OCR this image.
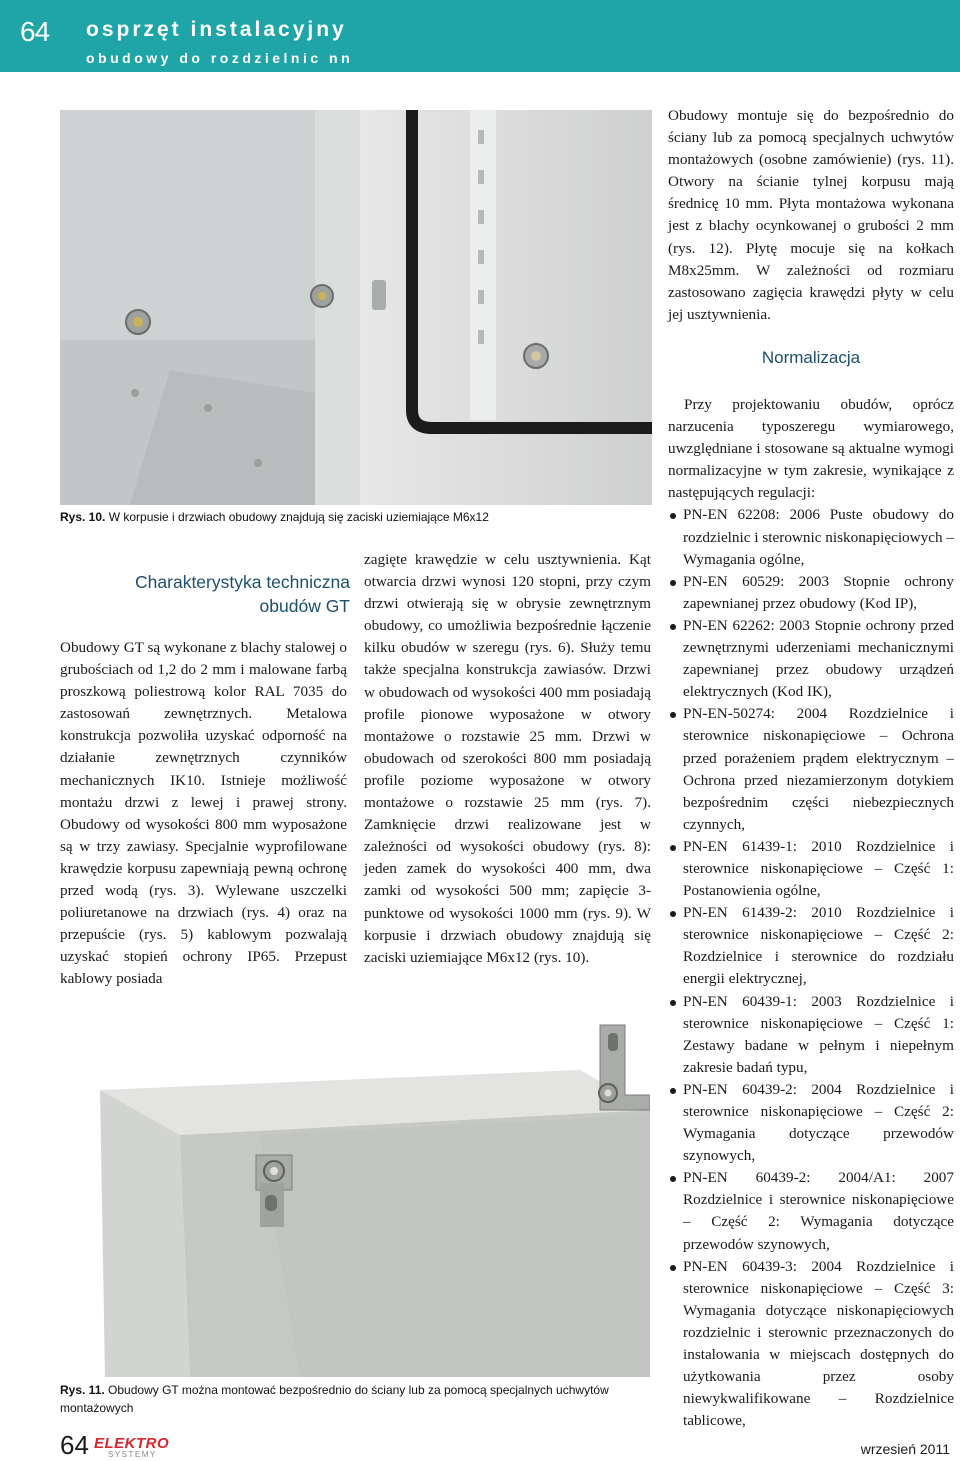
64 osprzęt instalacyjny
obudowy do rozdzielnic nn
Rys. 10. W korpusie i drzwiach obudowy znajdują się zaciski uziemiające M6x12
Charakterystyka techniczna
obudów GT
Obudowy GT są wykonane z blachy stalowej o grubościach od 1,2 do 2 mm i malowane farbą proszkową poliestrową kolor RAL 7035 do zastosowań zewnętrznych. Metalowa konstrukcja pozwoliła uzyskać odporność na działanie zewnętrznych czynników mechanicznych IK10. Istnieje możliwość montażu drzwi z lewej i prawej strony. Obudowy od wysokości 800 mm wyposażone są w trzy zawiasy. Specjalnie wyprofilowane krawędzie korpusu zapewniają pewną ochronę przed wodą (rys. 3). Wylewane uszczelki poliuretanowe na drzwiach (rys. 4) oraz na przepuście (rys. 5) kablowym pozwalają uzyskać stopień ochrony IP65. Przepust kablowy posiada
zagięte krawędzie w celu usztywnienia. Kąt otwarcia drzwi wynosi 120 stopni, przy czym drzwi otwierają się w obrysie zewnętrznym obudowy, co umożliwia bezpośrednie łączenie kilku obudów w szeregu (rys. 6). Służy temu także specjalna konstrukcja zawiasów. Drzwi w obudowach od wysokości 400 mm posiadają profile pionowe wyposażone w otwory montażowe o rozstawie 25 mm. Drzwi w obudowach od szerokości 800 mm posiadają profile poziome wyposażone w otwory montażowe o rozstawie 25 mm (rys. 7). Zamknięcie drzwi realizowane jest w zależności od wysokości obudowy (rys. 8): jeden zamek do wysokości 400 mm, dwa zamki od wysokości 500 mm; zapięcie 3-punktowe od wysokości 1000 mm (rys. 9). W korpusie i drzwiach obudowy znajdują się zaciski uziemiające M6x12 (rys. 10).
Obudowy montuje się do bezpośrednio do ściany lub za pomocą specjalnych uchwytów montażowych (osobne zamówienie) (rys. 11). Otwory na ścianie tylnej korpusu mają średnicę 10 mm. Płyta montażowa wykonana jest z blachy ocynkowanej o grubości 2 mm (rys. 12). Płytę mocuje się na kołkach M8x25mm. W zależności od rozmiaru zastosowano zagięcia krawędzi płyty w celu jej usztywnienia.
Normalizacja
Przy projektowaniu obudów, oprócz narzucenia typoszeregu wymiarowego, uwzględniane i stosowane są aktualne wymogi normalizacyjne w tym zakresie, wynikające z następujących regulacji:
PN-EN 62208: 2006 Puste obudowy do rozdzielnic i sterownic niskonapięciowych – Wymagania ogólne,
PN-EN 60529: 2003 Stopnie ochrony zapewnianej przez obudowy (Kod IP),
PN-EN 62262: 2003 Stopnie ochrony przed zewnętrznymi uderzeniami mechanicznymi zapewnianej przez obudowy urządzeń elektrycznych (Kod IK),
PN-EN-50274: 2004 Rozdzielnice i sterownice niskonapięciowe – Ochrona przed porażeniem prądem elektrycznym – Ochrona przed niezamierzonym dotykiem bezpośrednim części niebezpiecznych czynnych,
PN-EN 61439-1: 2010 Rozdzielnice i sterownice niskonapięciowe – Część 1: Postanowienia ogólne,
PN-EN 61439-2: 2010 Rozdzielnice i sterownice niskonapięciowe – Część 2: Rozdzielnice i sterownice do rozdziału energii elektrycznej,
PN-EN 60439-1: 2003 Rozdzielnice i sterownice niskonapięciowe – Część 1: Zestawy badane w pełnym i niepełnym zakresie badań typu,
PN-EN 60439-2: 2004 Rozdzielnice i sterownice niskonapięciowe – Część 2: Wymagania dotyczące przewodów szynowych,
PN-EN 60439-2: 2004/A1: 2007 Rozdzielnice i sterownice niskonapięciowe – Część 2: Wymagania dotyczące przewodów szynowych,
PN-EN 60439-3: 2004 Rozdzielnice i sterownice niskonapięciowe – Część 3: Wymagania dotyczące niskonapięciowych rozdzielnic i sterownic przeznaczonych do instalowania w miejscach dostępnych do użytkowania przez osoby niewykwalifikowane – Rozdzielnice tablicowe,
Rys. 11. Obudowy GT można montować bezpośrednio do ściany lub za pomocą specjalnych uchwytów montażowych
64 ELEKTRO
SYSTEMY	wrzesień 2011
